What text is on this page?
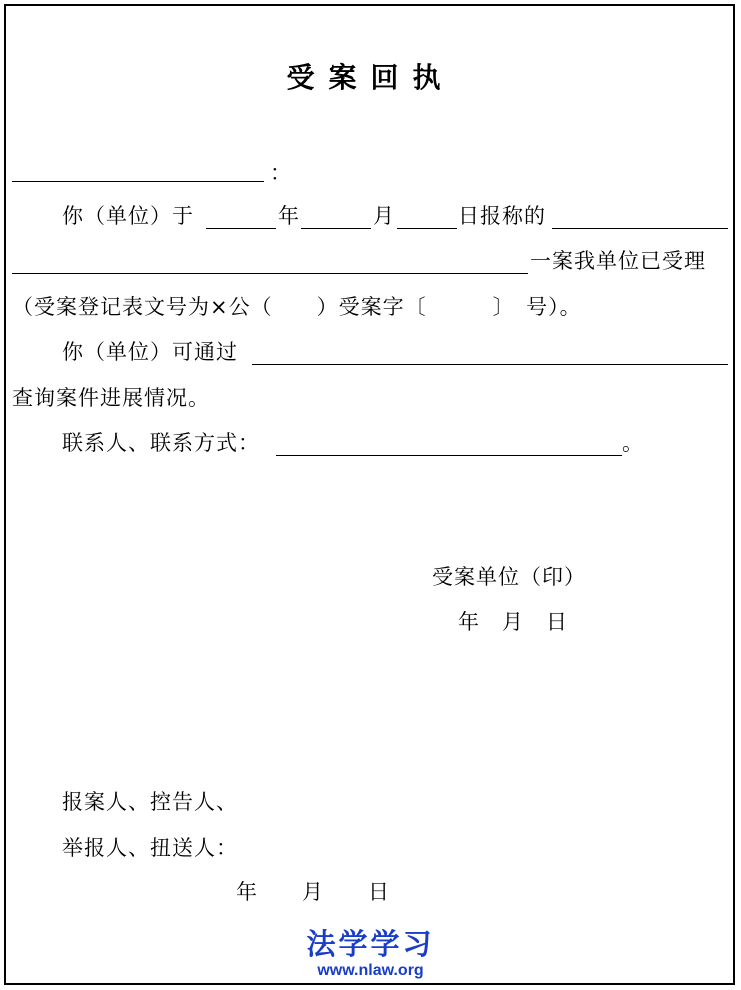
受案回执
：
你（单位）于	年	月	日报称的
一案我单位已受理
（受案登记表文号为×公（　　）受案字〔　　　〕　号）。
你（单位）可通过
查询案件进展情况。
联系人、联系方式：	。
受案单位（印）
年　月　日
报案人、控告人、
举报人、扭送人：
年　　月　　日
法学学习
www.nlaw.org
